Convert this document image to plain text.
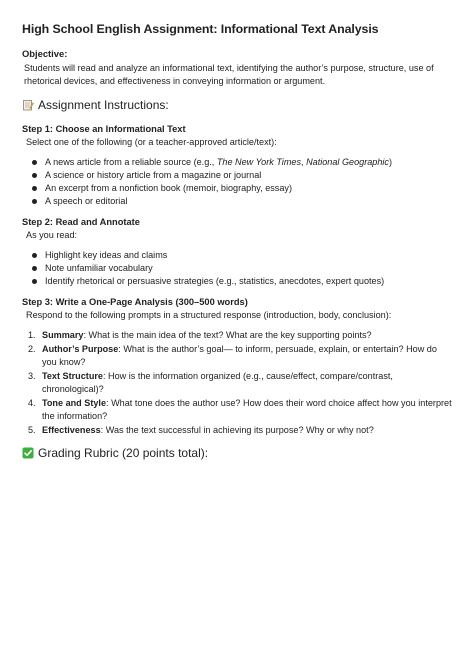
High School English Assignment: Informational Text Analysis
Objective:
Students will read and analyze an informational text, identifying the author’s purpose, structure, use of rhetorical devices, and effectiveness in conveying information or argument.
Assignment Instructions:
Step 1: Choose an Informational Text
Select one of the following (or a teacher-approved article/text):
A news article from a reliable source (e.g., The New York Times, National Geographic)
A science or history article from a magazine or journal
An excerpt from a nonfiction book (memoir, biography, essay)
A speech or editorial
Step 2: Read and Annotate
As you read:
Highlight key ideas and claims
Note unfamiliar vocabulary
Identify rhetorical or persuasive strategies (e.g., statistics, anecdotes, expert quotes)
Step 3: Write a One-Page Analysis (300–500 words)
Respond to the following prompts in a structured response (introduction, body, conclusion):
1. Summary: What is the main idea of the text? What are the key supporting points?
2. Author’s Purpose: What is the author’s goal— to inform, persuade, explain, or entertain? How do you know?
3. Text Structure: How is the information organized (e.g., cause/effect, compare/contrast, chronological)?
4. Tone and Style: What tone does the author use? How does their word choice affect how you interpret the information?
5. Effectiveness: Was the text successful in achieving its purpose? Why or why not?
Grading Rubric (20 points total):
